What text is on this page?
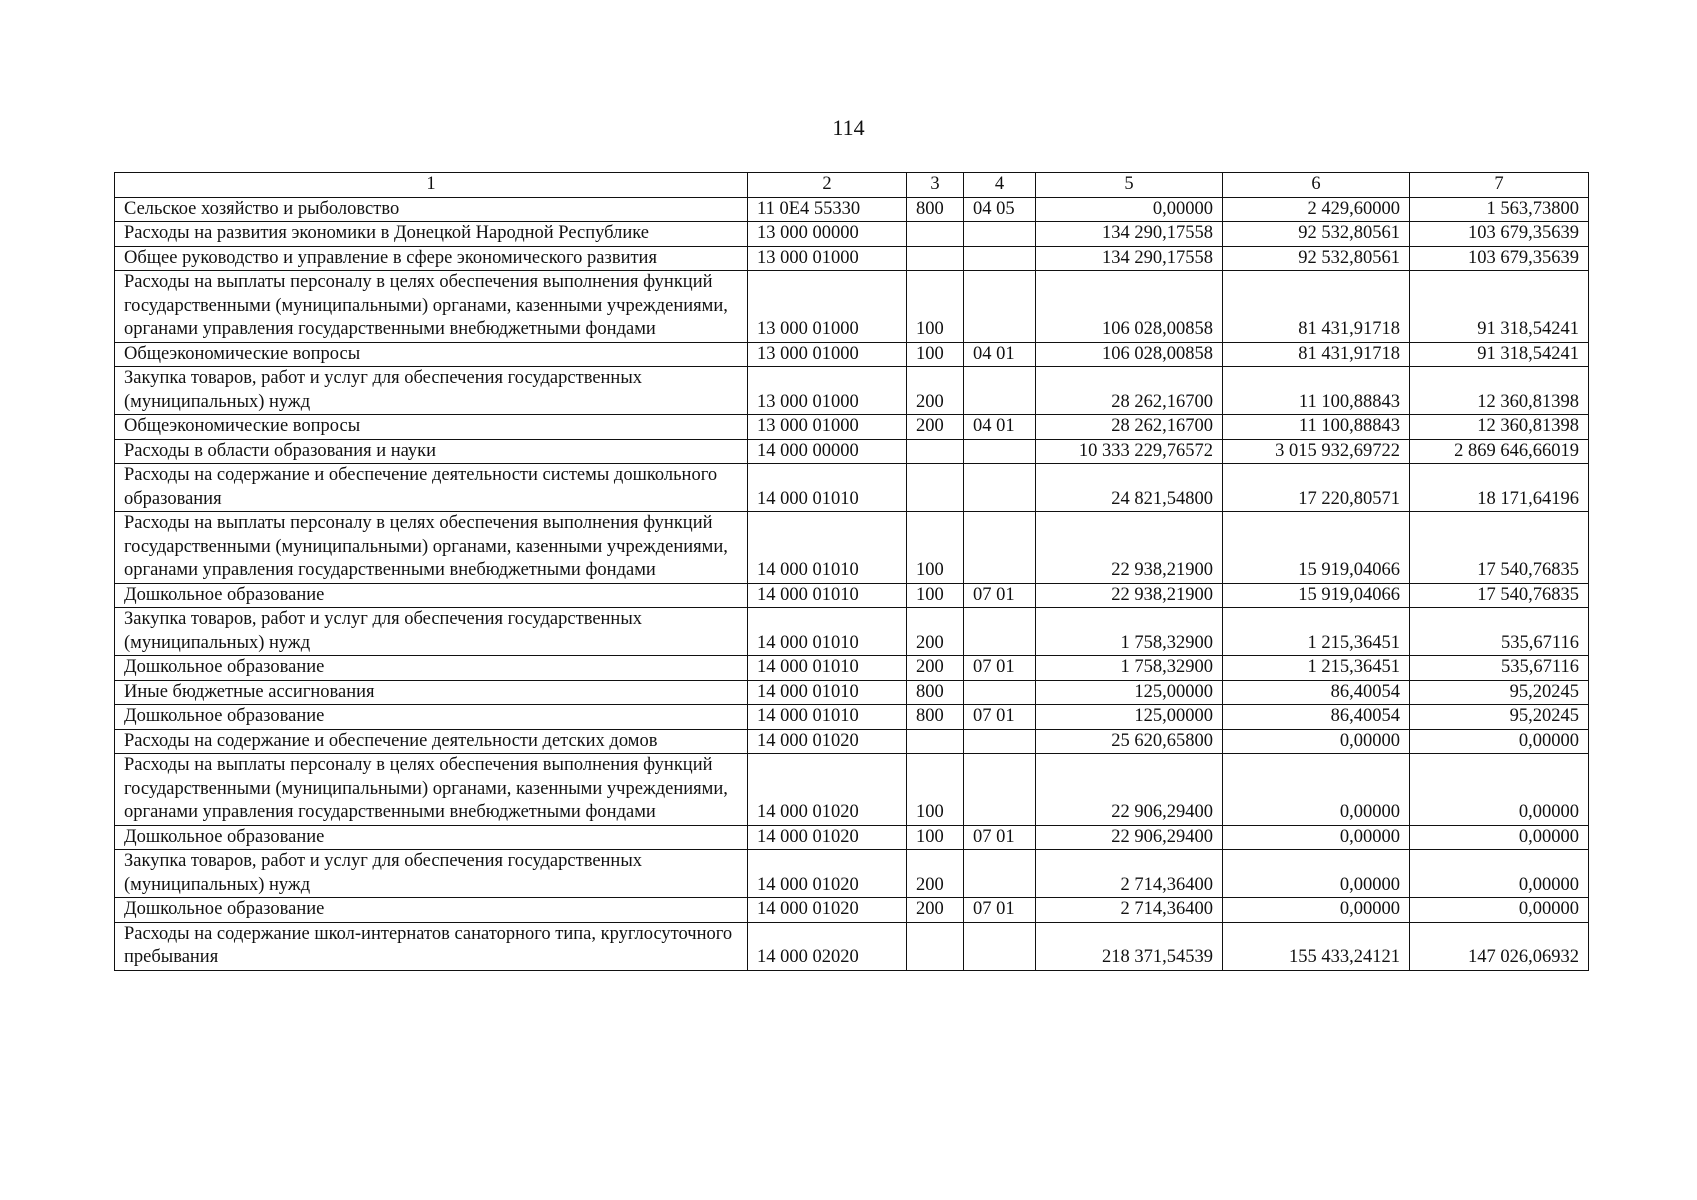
114
1	2	3	4	5	6	7
Сельское хозяйство и рыболовство	11 0E4 55330	800	04 05	0,00000	2 429,60000	1 563,73800
Расходы на развития экономики в Донецкой Народной Республике	13 000 00000			134 290,17558	92 532,80561	103 679,35639
Общее руководство и управление в сфере экономического развития	13 000 01000			134 290,17558	92 532,80561	103 679,35639
Расходы на выплаты персоналу в целях обеспечения выполнения функций государственными (муниципальными) органами, казенными учреждениями, органами управления государственными внебюджетными фондами	13 000 01000	100		106 028,00858	81 431,91718	91 318,54241
Общеэкономические вопросы	13 000 01000	100	04 01	106 028,00858	81 431,91718	91 318,54241
Закупка товаров, работ и услуг для обеспечения государственных (муниципальных) нужд	13 000 01000	200		28 262,16700	11 100,88843	12 360,81398
Общеэкономические вопросы	13 000 01000	200	04 01	28 262,16700	11 100,88843	12 360,81398
Расходы в области образования и науки	14 000 00000			10 333 229,76572	3 015 932,69722	2 869 646,66019
Расходы на содержание и обеспечение деятельности системы дошкольного образования	14 000 01010			24 821,54800	17 220,80571	18 171,64196
Расходы на выплаты персоналу в целях обеспечения выполнения функций государственными (муниципальными) органами, казенными учреждениями, органами управления государственными внебюджетными фондами	14 000 01010	100		22 938,21900	15 919,04066	17 540,76835
Дошкольное образование	14 000 01010	100	07 01	22 938,21900	15 919,04066	17 540,76835
Закупка товаров, работ и услуг для обеспечения государственных (муниципальных) нужд	14 000 01010	200		1 758,32900	1 215,36451	535,67116
Дошкольное образование	14 000 01010	200	07 01	1 758,32900	1 215,36451	535,67116
Иные бюджетные ассигнования	14 000 01010	800		125,00000	86,40054	95,20245
Дошкольное образование	14 000 01010	800	07 01	125,00000	86,40054	95,20245
Расходы на содержание и обеспечение деятельности детских домов	14 000 01020			25 620,65800	0,00000	0,00000
Расходы на выплаты персоналу в целях обеспечения выполнения функций государственными (муниципальными) органами, казенными учреждениями, органами управления государственными внебюджетными фондами	14 000 01020	100		22 906,29400	0,00000	0,00000
Дошкольное образование	14 000 01020	100	07 01	22 906,29400	0,00000	0,00000
Закупка товаров, работ и услуг для обеспечения государственных (муниципальных) нужд	14 000 01020	200		2 714,36400	0,00000	0,00000
Дошкольное образование	14 000 01020	200	07 01	2 714,36400	0,00000	0,00000
Расходы на содержание школ-интернатов санаторного типа, круглосуточного пребывания	14 000 02020			218 371,54539	155 433,24121	147 026,06932
